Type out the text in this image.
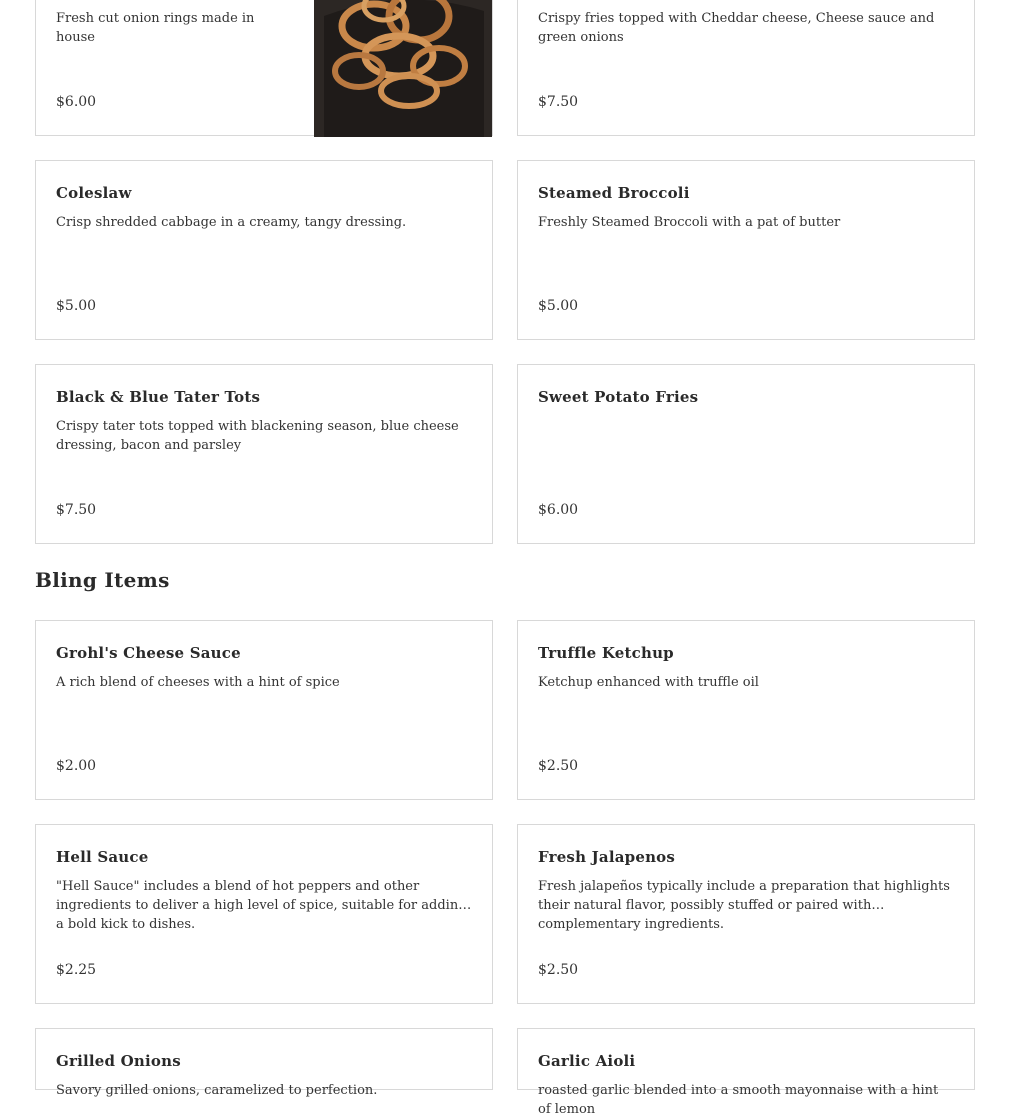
Fresh cut onion rings made in house
$6.00
Crispy fries topped with Cheddar cheese, Cheese sauce and green onions
$7.50
Coleslaw
Crisp shredded cabbage in a creamy, tangy dressing.
$5.00
Steamed Broccoli
Freshly Steamed Broccoli with a pat of butter
$5.00
Black & Blue Tater Tots
Crispy tater tots topped with blackening season, blue cheese dressing, bacon and parsley
$7.50
Sweet Potato Fries
$6.00
Bling Items
Grohl's Cheese Sauce
A rich blend of cheeses with a hint of spice
$2.00
Truffle Ketchup
Ketchup enhanced with truffle oil
$2.50
Hell Sauce
"Hell Sauce" includes a blend of hot peppers and other ingredients to deliver a high level of spice, suitable for adding a bold kick to dishes.
$2.25
Fresh Jalapenos
Fresh jalapeños typically include a preparation that highlights their natural flavor, possibly stuffed or paired with complementary ingredients.
$2.50
Grilled Onions
Savory grilled onions, caramelized to perfection.
Garlic Aioli
roasted garlic blended into a smooth mayonnaise with a hint of lemon
